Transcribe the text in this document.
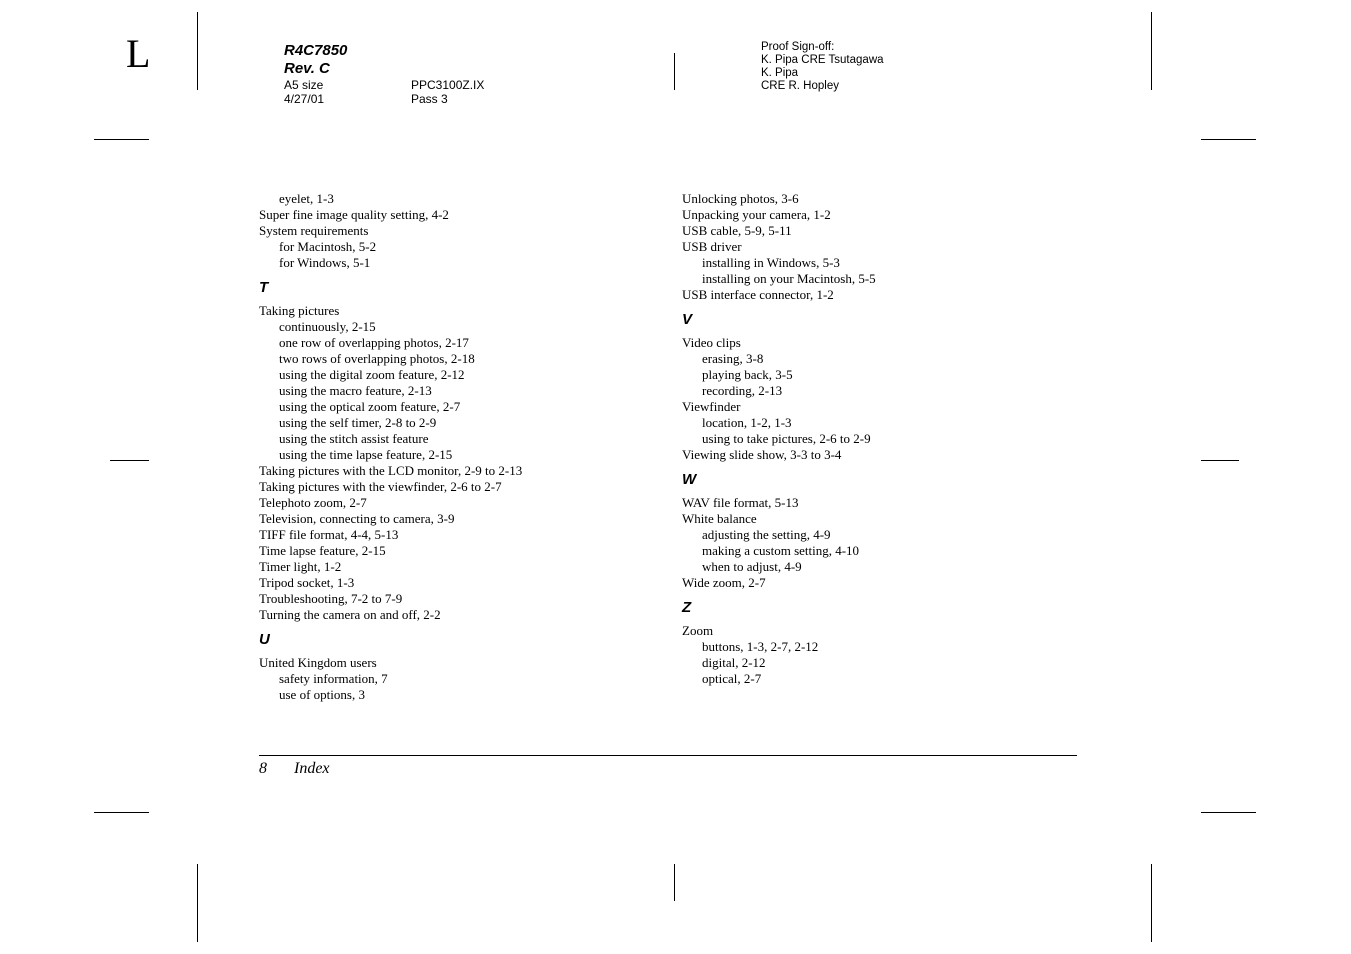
L	R4C7850
Rev. C
A5 size
4/27/01
PPC3100Z.IX
Pass 3
Proof Sign-off:
K. Pipa CRE Tsutagawa
K. Pipa
CRE R. Hopley
eyelet, 1-3
Super fine image quality setting, 4-2
System requirements
for Macintosh, 5-2
for Windows, 5-1
T
Taking pictures
continuously, 2-15
one row of overlapping photos, 2-17
two rows of overlapping photos, 2-18
using the digital zoom feature, 2-12
using the macro feature, 2-13
using the optical zoom feature, 2-7
using the self timer, 2-8 to 2-9
using the stitch assist feature
using the time lapse feature, 2-15
Taking pictures with the LCD monitor, 2-9 to 2-13
Taking pictures with the viewfinder, 2-6 to 2-7
Telephoto zoom, 2-7
Television, connecting to camera, 3-9
TIFF file format, 4-4, 5-13
Time lapse feature, 2-15
Timer light, 1-2
Tripod socket, 1-3
Troubleshooting, 7-2 to 7-9
Turning the camera on and off, 2-2
U
United Kingdom users
safety information, 7
use of options, 3
Unlocking photos, 3-6
Unpacking your camera, 1-2
USB cable, 5-9, 5-11
USB driver
installing in Windows, 5-3
installing on your Macintosh, 5-5
USB interface connector, 1-2
V
Video clips
erasing, 3-8
playing back, 3-5
recording, 2-13
Viewfinder
location, 1-2, 1-3
using to take pictures, 2-6 to 2-9
Viewing slide show, 3-3 to 3-4
W
WAV file format, 5-13
White balance
adjusting the setting, 4-9
making a custom setting, 4-10
when to adjust, 4-9
Wide zoom, 2-7
Z
Zoom
buttons, 1-3, 2-7, 2-12
digital, 2-12
optical, 2-7
8 Index
